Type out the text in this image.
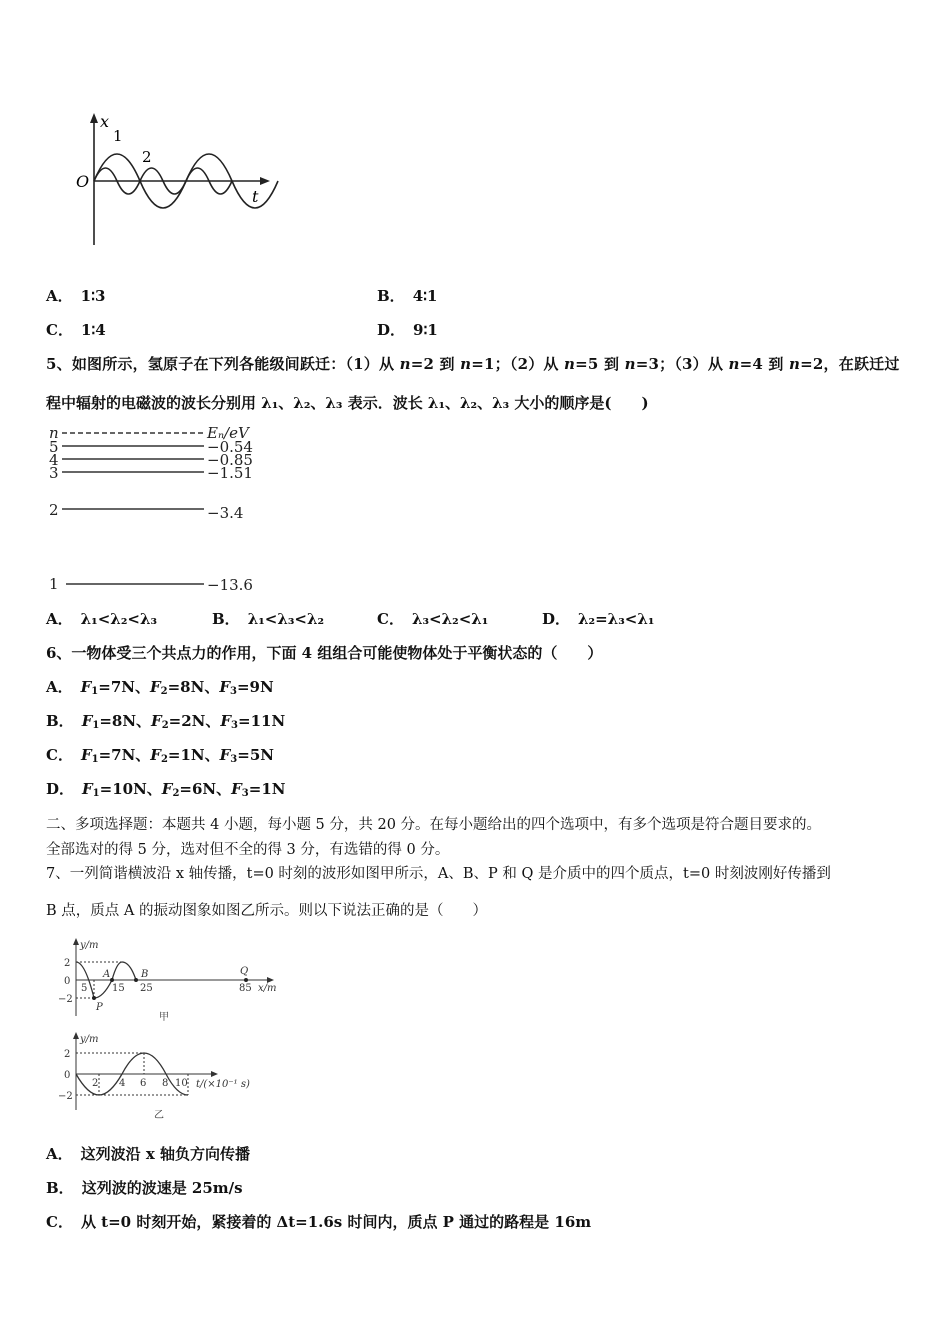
x
t
O
1
2
A． 1∶3	B． 4∶1
C． 1∶4	D． 9∶1
5、如图所示，氢原子在下列各能级间跃迁：（1）从 n=2 到 n=1；（2）从 n=5 到 n=3；（3）从 n=4 到 n=2，在跃迁过
程中辐射的电磁波的波长分别用 λ₁、λ₂、λ₃ 表示．波长 λ₁、λ₂、λ₃ 大小的顺序是(　　)
n	Eₙ/eV
5	−0.54
4	−0.85
3	−1.51
2	−3.4
1	−13.6
A． λ₁<λ₂<λ₃	B． λ₁<λ₃<λ₂	C． λ₃<λ₂<λ₁	D． λ₂=λ₃<λ₁
6、一物体受三个共点力的作用，下面 4 组组合可能使物体处于平衡状态的（　　）
A． $F_1=7N$、$F_2=8N$、$F_3=9N$
B． $F_1=8N$、$F_2=2N$、$F_3=11N$
C． $F_1=7N$、$F_2=1N$、$F_3=5N$
D． $F_1=10N$、$F_2=6N$、$F_3=1N$
二、多项选择题：本题共 4 小题，每小题 5 分，共 20 分。在每小题给出的四个选项中，有多个选项是符合题目要求的。
全部选对的得 5 分，选对但不全的得 3 分，有选错的得 0 分。
7、一列简谐横波沿 x 轴传播，t=0 时刻的波形如图甲所示，A、B、P 和 Q 是介质中的四个质点，t=0 时刻波刚好传播到
B 点，质点 A 的振动图象如图乙所示。则以下说法正确的是（　　）
y/m
x/m
2
0
−2
5 15 25	85
A	B
P
Q
甲
y/m
2
0
−2
2 4 6 8 10 t/(×10⁻¹ s)
乙
A． 这列波沿 x 轴负方向传播
B． 这列波的波速是 25m/s
C． 从 t=0 时刻开始，紧接着的 Δt=1.6s 时间内，质点 P 通过的路程是 16m
